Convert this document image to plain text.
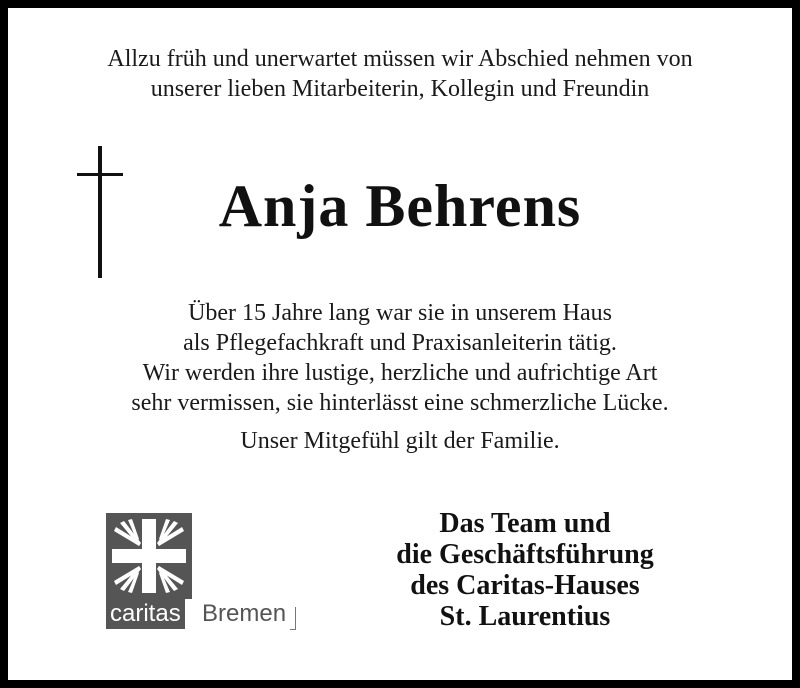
Allzu früh und unerwartet müssen wir Abschied nehmen von
unserer lieben Mitarbeiterin, Kollegin und Freundin
Anja Behrens
Über 15 Jahre lang war sie in unserem Haus
als Pflegefachkraft und Praxisanleiterin tätig.
Wir werden ihre lustige, herzliche und aufrichtige Art
sehr vermissen, sie hinterlässt eine schmerzliche Lücke.
Unser Mitgefühl gilt der Familie.
caritas Bremen
Das Team und
die Geschäftsführung
des Caritas-Hauses
St. Laurentius
